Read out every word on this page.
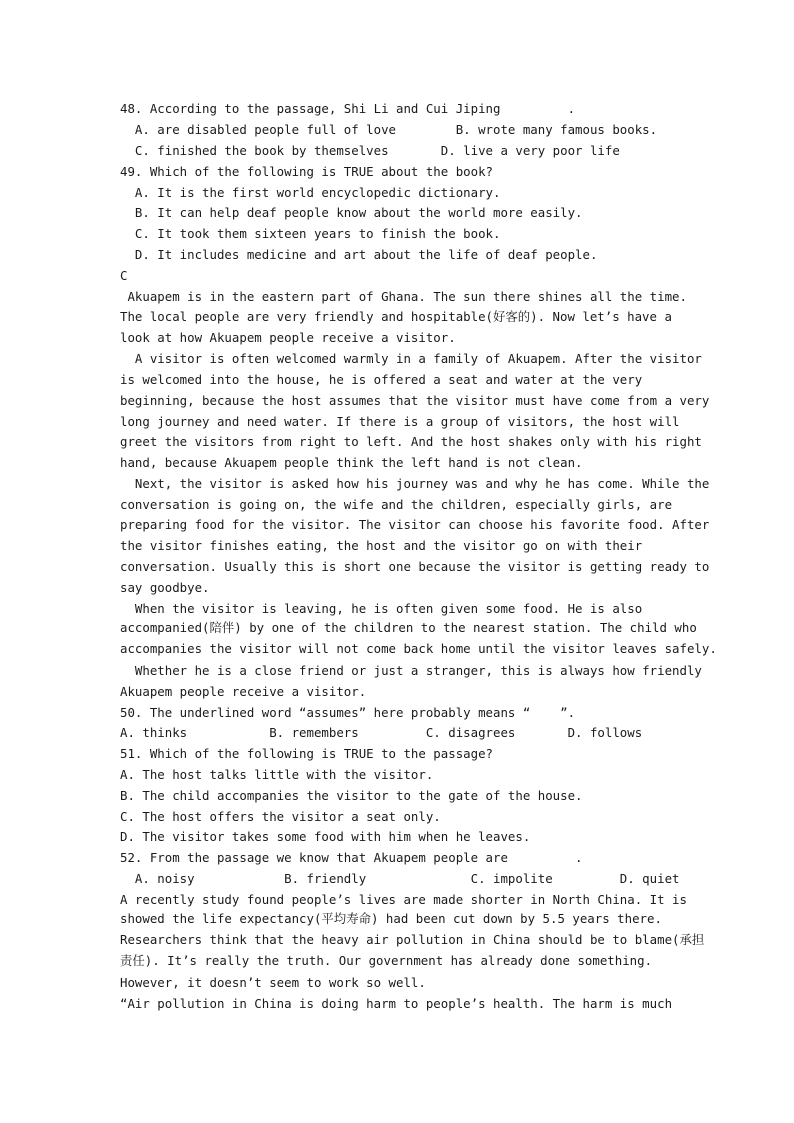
48. According to the passage, Shi Li and Cui Jiping         .
A. are disabled people full of love        B. wrote many famous books.
C. finished the book by themselves       D. live a very poor life
49. Which of the following is TRUE about the book?
A. It is the first world encyclopedic dictionary.
B. It can help deaf people know about the world more easily.
C. It took them sixteen years to finish the book.
D. It includes medicine and art about the life of deaf people.
C
Akuapem is in the eastern part of Ghana. The sun there shines all the time.
The local people are very friendly and hospitable(好客的). Now let’s have a
look at how Akuapem people receive a visitor.
A visitor is often welcomed warmly in a family of Akuapem. After the visitor
is welcomed into the house, he is offered a seat and water at the very
beginning, because the host assumes that the visitor must have come from a very
long journey and need water. If there is a group of visitors, the host will
greet the visitors from right to left. And the host shakes only with his right
hand, because Akuapem people think the left hand is not clean.
Next, the visitor is asked how his journey was and why he has come. While the
conversation is going on, the wife and the children, especially girls, are
preparing food for the visitor. The visitor can choose his favorite food. After
the visitor finishes eating, the host and the visitor go on with their
conversation. Usually this is short one because the visitor is getting ready to
say goodbye.
When the visitor is leaving, he is often given some food. He is also
accompanied(陪伴) by one of the children to the nearest station. The child who
accompanies the visitor will not come back home until the visitor leaves safely.
Whether he is a close friend or just a stranger, this is always how friendly
Akuapem people receive a visitor.
50. The underlined word “assumes” here probably means “    ”.
A. thinks           B. remembers         C. disagrees       D. follows
51. Which of the following is TRUE to the passage?
A. The host talks little with the visitor.
B. The child accompanies the visitor to the gate of the house.
C. The host offers the visitor a seat only.
D. The visitor takes some food with him when he leaves.
52. From the passage we know that Akuapem people are         .
A. noisy            B. friendly              C. impolite         D. quiet
A recently study found people’s lives are made shorter in North China. It is
showed the life expectancy(平均寿命) had been cut down by 5.5 years there.
Researchers think that the heavy air pollution in China should be to blame(承担
责任). It’s really the truth. Our government has already done something.
However, it doesn’t seem to work so well.
“Air pollution in China is doing harm to people’s health. The harm is much
